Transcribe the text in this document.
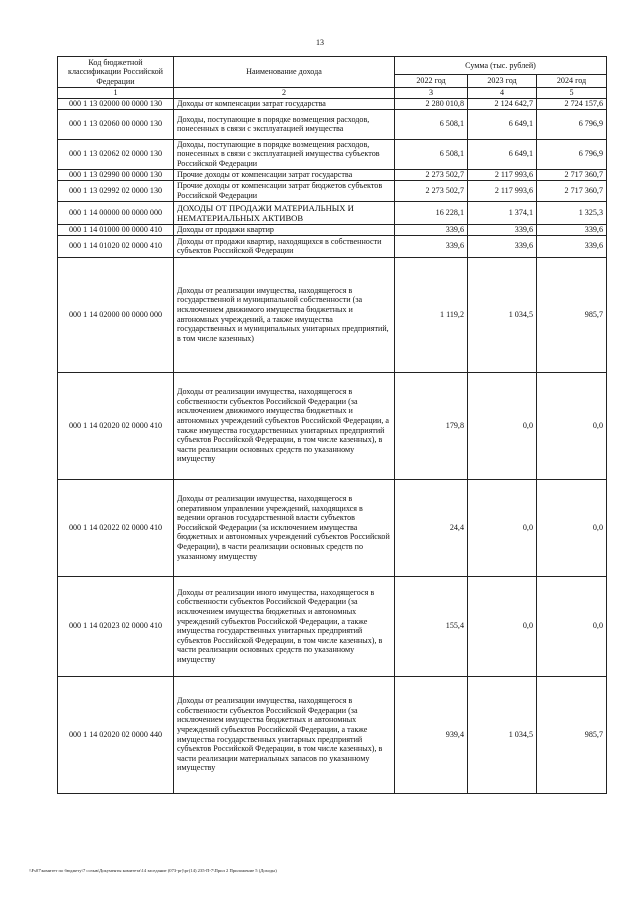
13
Код бюджетной классификации Российской Федерации	Наименование дохода	Сумма (тыс. рублей)		
		2022 год	2023 год	2024 год
1	2	3	4	5
000 1 13 02000 00 0000 130	Доходы от компенсации затрат государства	2 280 010,8	2 124 642,7	2 724 157,6
000 1 13 02060 00 0000 130	Доходы, поступающие в порядке возмещения расходов, понесенных в связи с эксплуатацией имущества	6 508,1	6 649,1	6 796,9
000 1 13 02062 02 0000 130	Доходы, поступающие в порядке возмещения расходов, понесенных в связи с эксплуатацией имущества субъектов Российской Федерации	6 508,1	6 649,1	6 796,9
000 1 13 02990 00 0000 130	Прочие доходы от компенсации затрат государства	2 273 502,7	2 117 993,6	2 717 360,7
000 1 13 02992 02 0000 130	Прочие доходы от компенсации затрат бюджетов субъектов Российской Федерации	2 273 502,7	2 117 993,6	2 717 360,7
000 1 14 00000 00 0000 000	ДОХОДЫ ОТ ПРОДАЖИ МАТЕРИАЛЬНЫХ И НЕМАТЕРИАЛЬНЫХ АКТИВОВ	16 228,1	1 374,1	1 325,3
000 1 14 01000 00 0000 410	Доходы от продажи квартир	339,6	339,6	339,6
000 1 14 01020 02 0000 410	Доходы от продажи квартир, находящихся в собственности субъектов Российской Федерации	339,6	339,6	339,6
000 1 14 02000 00 0000 000	Доходы от реализации имущества, находящегося в государственной и муниципальной собственности (за исключением движимого имущества бюджетных и автономных учреждений, а также имущества государственных и муниципальных унитарных предприятий, в том числе казенных)	1 119,2	1 034,5	985,7
000 1 14 02020 02 0000 410	Доходы от реализации имущества, находящегося в собственности субъектов Российской Федерации (за исключением движимого имущества бюджетных и автономных учреждений субъектов Российской Федерации, а также имущества государственных унитарных предприятий субъектов Российской Федерации, в том числе казенных), в части реализации основных средств по указанному имуществу	179,8	0,0	0,0
000 1 14 02022 02 0000 410	Доходы от реализации имущества, находящегося в оперативном управлении учреждений, находящихся в ведении органов государственной власти субъектов Российской Федерации (за исключением имущества бюджетных и автономных учреждений субъектов Российской Федерации), в части реализации основных средств по указанному имуществу	24,4	0,0	0,0
000 1 14 02023 02 0000 410	Доходы от реализации иного имущества, находящегося в собственности субъектов Российской Федерации (за исключением имущества бюджетных и автономных учреждений субъектов Российской Федерации, а также имущества государственных унитарных предприятий субъектов Российской Федерации, в том числе казенных), в части реализации основных средств по указанному имуществу	155,4	0,0	0,0
000 1 14 02020 02 0000 440	Доходы от реализации имущества, находящегося в собственности субъектов Российской Федерации (за исключением имущества бюджетных и автономных учреждений субъектов Российской Федерации, а также имущества государственных унитарных предприятий субъектов Российской Федерации, в том числе казенных), в части реализации материальных запасов по указанному имуществу	939,4	1 034,5	985,7
\\Fs07\комитет по бюджету\7 созыв\Документы комитета\14 заседание (073-рг)\рг(14) 235-П-7\Прил 2 Приложение 5 (Доходы)
